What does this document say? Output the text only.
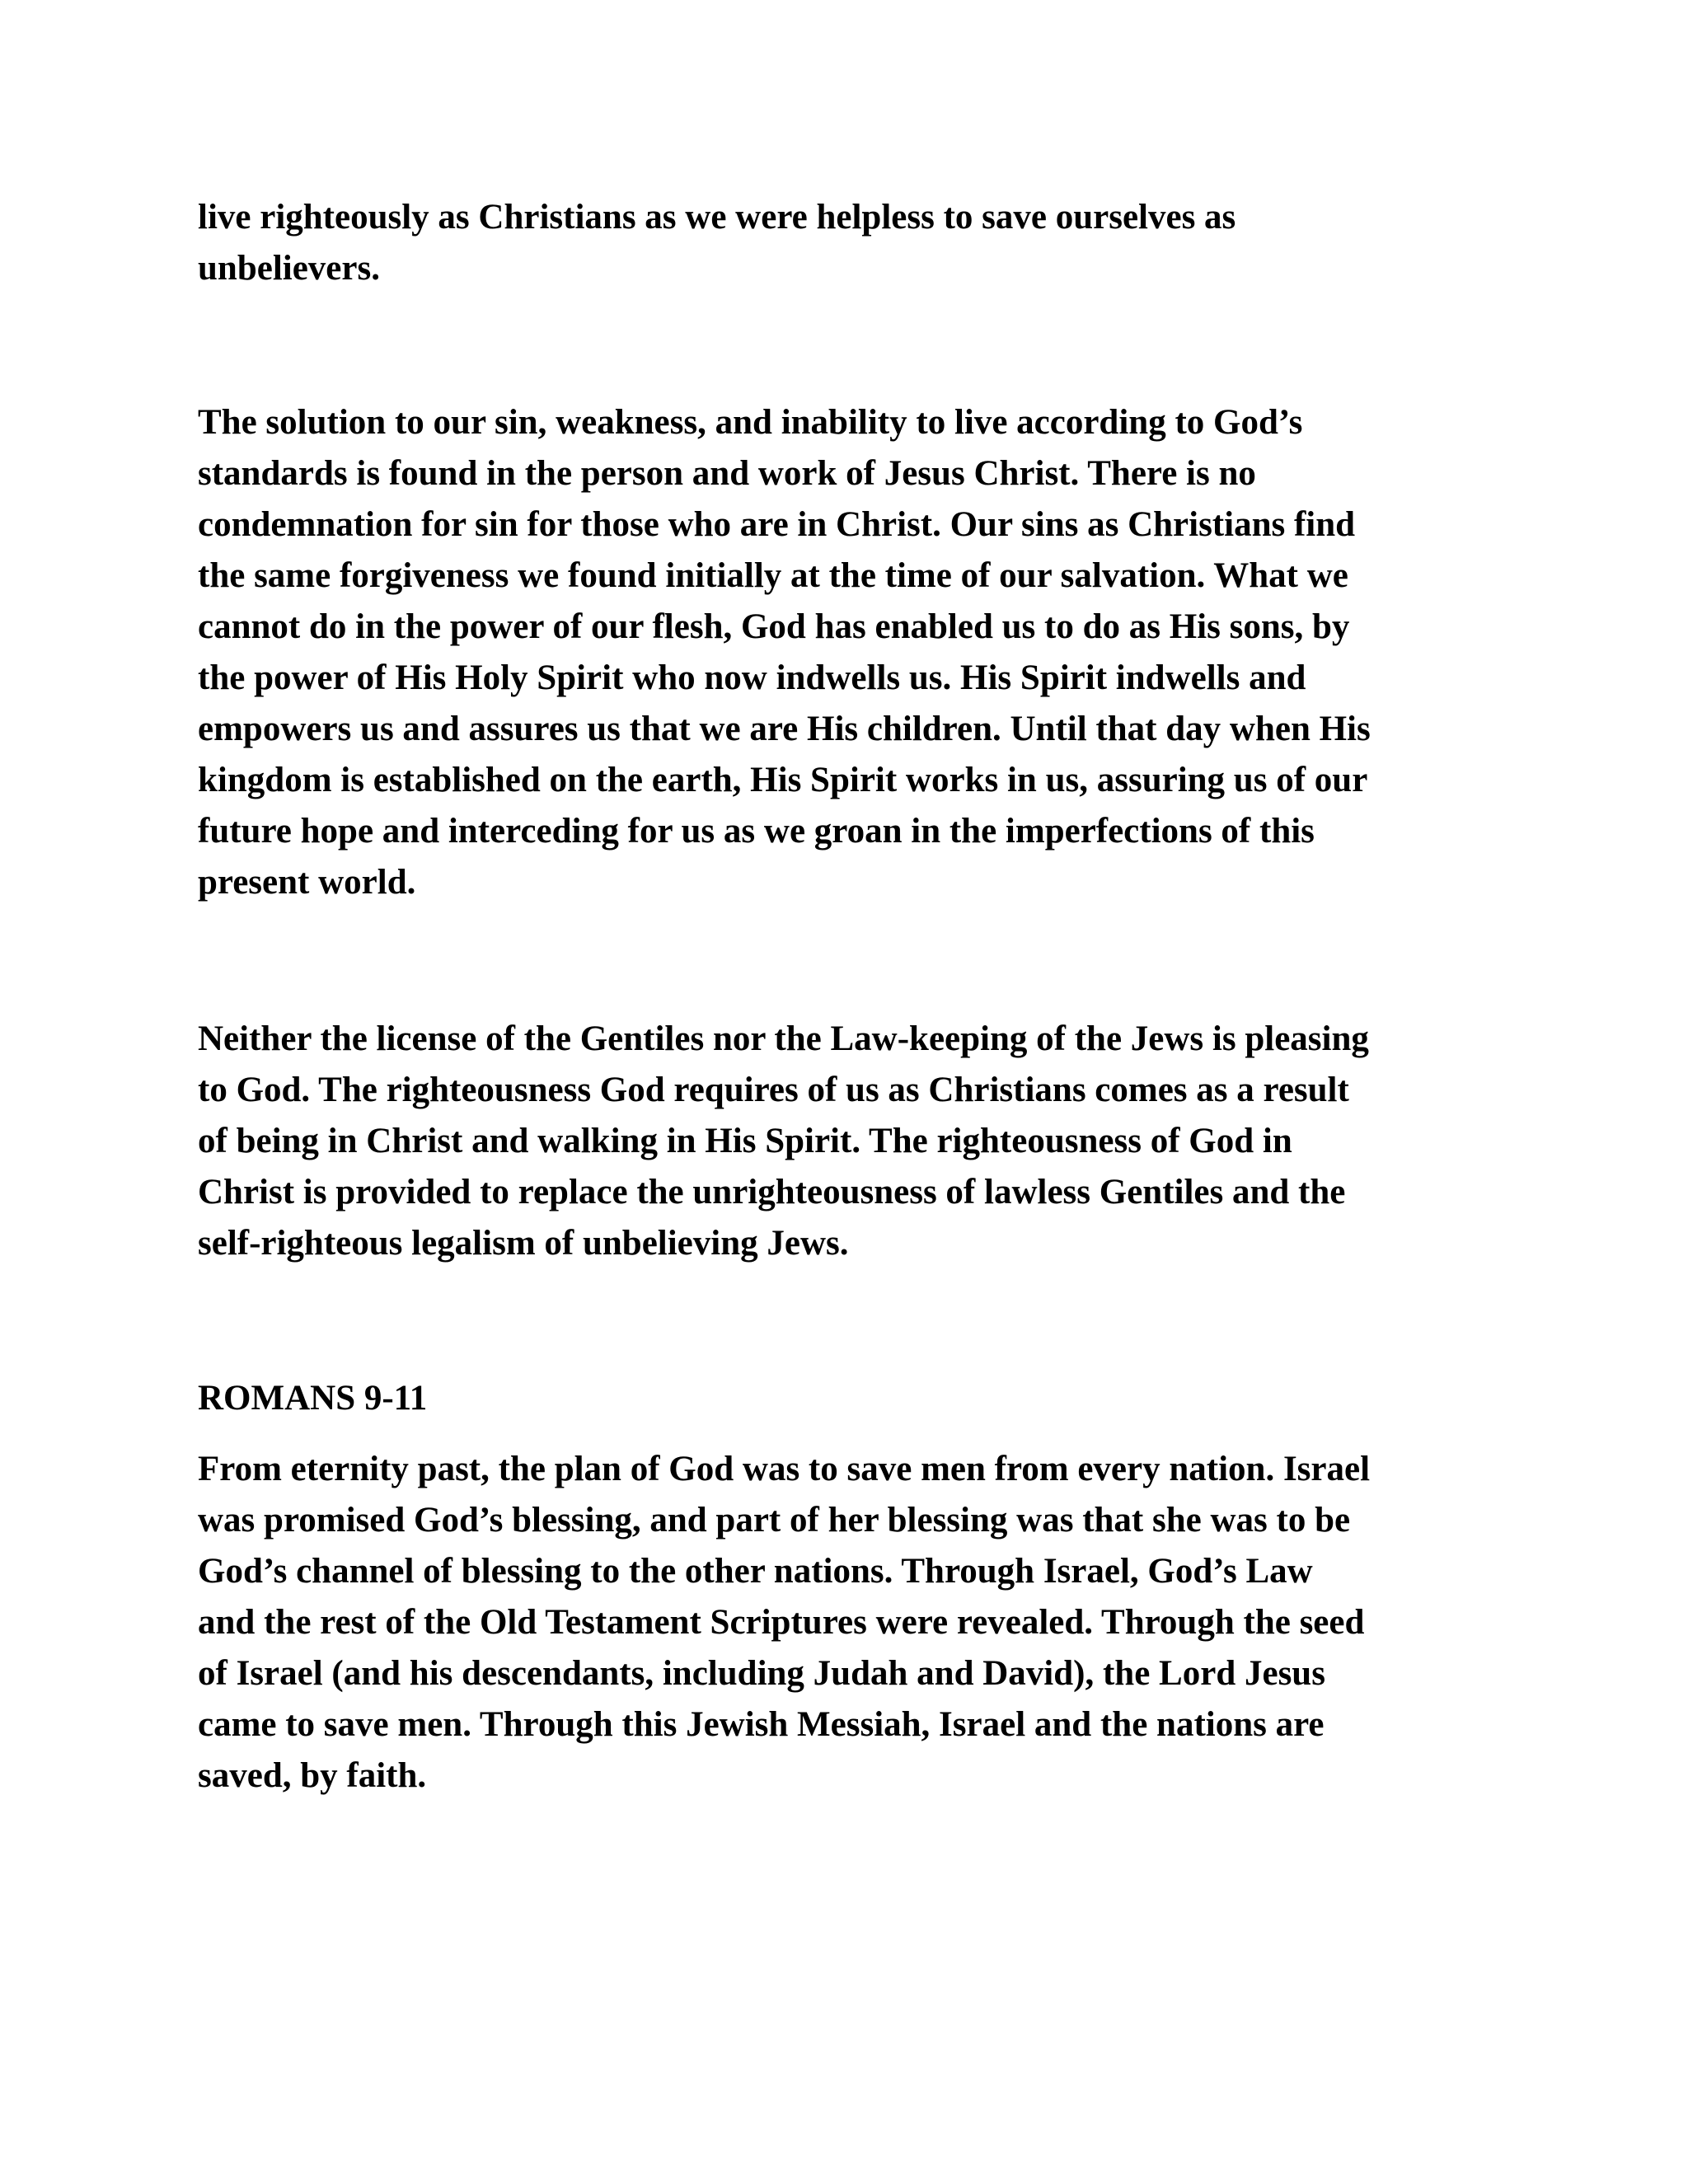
live righteously as Christians as we were helpless to save ourselves as
unbelievers.
The solution to our sin, weakness, and inability to live according to God’s
standards is found in the person and work of Jesus Christ. There is no
condemnation for sin for those who are in Christ. Our sins as Christians find
the same forgiveness we found initially at the time of our salvation. What we
cannot do in the power of our flesh, God has enabled us to do as His sons, by
the power of His Holy Spirit who now indwells us. His Spirit indwells and
empowers us and assures us that we are His children. Until that day when His
kingdom is established on the earth, His Spirit works in us, assuring us of our
future hope and interceding for us as we groan in the imperfections of this
present world.
Neither the license of the Gentiles nor the Law-keeping of the Jews is pleasing
to God. The righteousness God requires of us as Christians comes as a result
of being in Christ and walking in His Spirit. The righteousness of God in
Christ is provided to replace the unrighteousness of lawless Gentiles and the
self-righteous legalism of unbelieving Jews.
ROMANS 9-11
From eternity past, the plan of God was to save men from every nation. Israel
was promised God’s blessing, and part of her blessing was that she was to be
God’s channel of blessing to the other nations. Through Israel, God’s Law
and the rest of the Old Testament Scriptures were revealed. Through the seed
of Israel (and his descendants, including Judah and David), the Lord Jesus
came to save men. Through this Jewish Messiah, Israel and the nations are
saved, by faith.
